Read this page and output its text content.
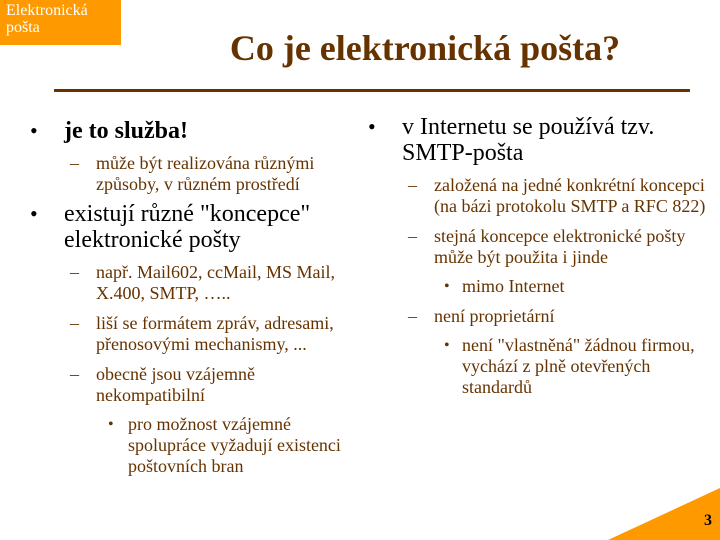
Elektronická
pošta
Co je elektronická pošta?
• je to služba!
– může být realizována různými způsoby, v různém prostředí
• existují různé "koncepce" elektronické pošty
– např. Mail602, ccMail, MS Mail, X.400, SMTP, …..
– liší se formátem zpráv, adresami, přenosovými mechanismy, ...
– obecně jsou vzájemně nekompatibilní
• pro možnost vzájemné spolupráce vyžadují existenci poštovních bran
• v Internetu se používá tzv. SMTP-pošta
– založená na jedné konkrétní koncepci (na bázi protokolu SMTP a RFC 822)
– stejná koncepce elektronické pošty může být použita i jinde
• mimo Internet
– není proprietární
• není "vlastněná" žádnou firmou, vychází z plně otevřených standardů
3
